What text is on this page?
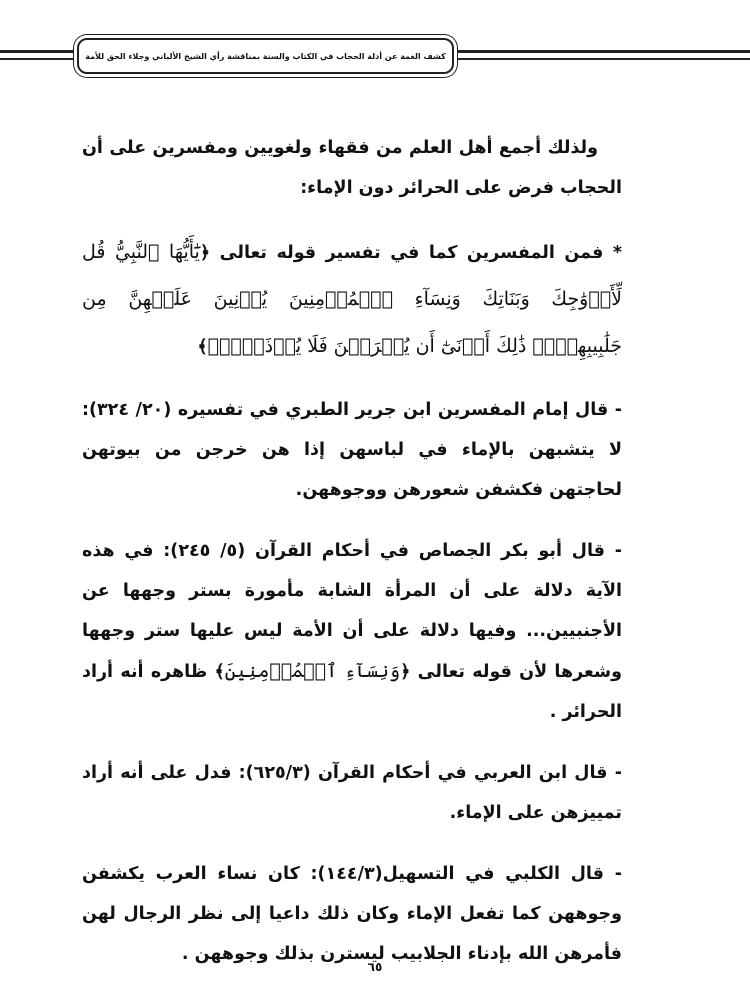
كشف الغمة عن أدلة الحجاب في الكتاب والسنة بمناقشة رأي الشيخ الألباني وجلاء الحق للأمة

ولذلك أجمع أهل العلم من فقهاء ولغويين ومفسرين على أن الحجاب فرض على الحرائر دون الإماء:

* فمن المفسرين كما في تفسير قوله تعالى ﴿يَٰٓأَيُّهَا ٱلنَّبِيُّ قُل لِّأَزۡوَٰجِكَ وَبَنَاتِكَ وَنِسَآءِ ٱلۡمُؤۡمِنِينَ يُدۡنِينَ عَلَيۡهِنَّ مِن جَلَٰبِيبِهِنَّۚ ذَٰلِكَ أَدۡنَىٰٓ أَن يُعۡرَفۡنَ فَلَا يُؤۡذَيۡنَۗ﴾

- قال إمام المفسرين ابن جرير الطبري في تفسيره (٢٠/ ٣٢٤): لا يتشبهن بالإماء في لباسهن إذا هن خرجن من بيوتهن لحاجتهن فكشفن شعورهن ووجوههن.

- قال أبو بكر الجصاص في أحكام القرآن (٥/ ٢٤٥): في هذه الآية دلالة على أن المرأة الشابة مأمورة بستر وجهها عن الأجنبيين... وفيها دلالة على أن الأمة ليس عليها ستر وجهها وشعرها لأن قوله تعالى ﴿وَنِسَآءِ ٱلۡمُؤۡمِنِينَ﴾ ظاهره أنه أراد الحرائر .

- قال ابن العربي في أحكام القرآن (٦٢٥/٣): فدل على أنه أراد تمييزهن على الإماء.

- قال الكلبي في التسهيل(١٤٤/٣): كان نساء العرب يكشفن وجوههن كما تفعل الإماء وكان ذلك داعيا إلى نظر الرجال لهن فأمرهن الله بإدناء الجلابيب ليسترن بذلك وجوههن .

٦٥
